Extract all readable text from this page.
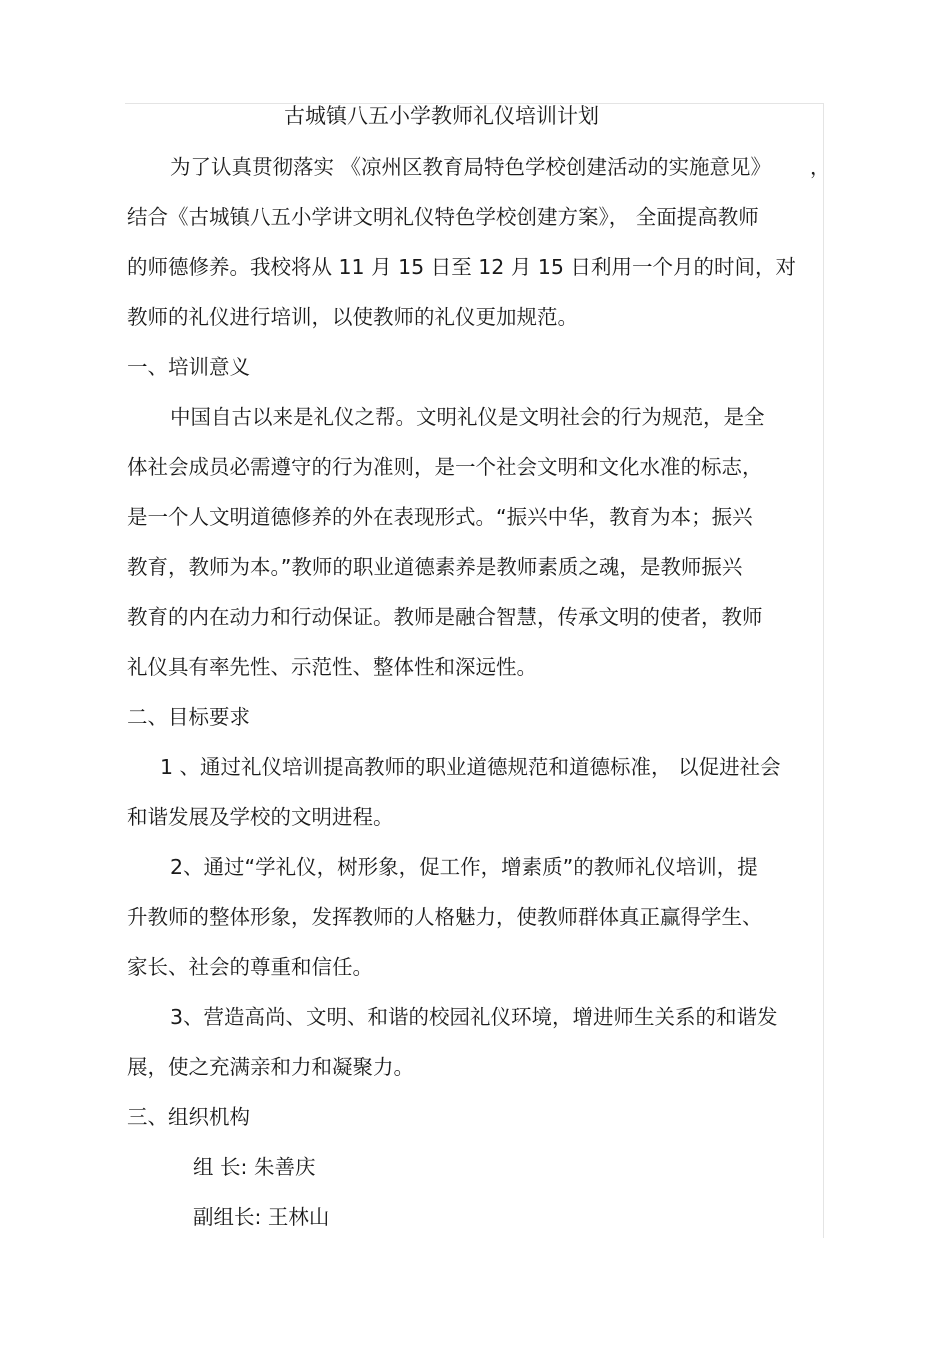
古城镇八五小学教师礼仪培训计划
为了认真贯彻落实 《凉州区教育局特色学校创建活动的实施意见》 ，
结合《古城镇八五小学讲文明礼仪特色学校创建方案》， 全面提高教师
的师德修养。我校将从 11 月 15 日至 12 月 15 日利用一个月的时间，对
教师的礼仪进行培训，以使教师的礼仪更加规范。
一、培训意义
中国自古以来是礼仪之帮。文明礼仪是文明社会的行为规范，是全
体社会成员必需遵守的行为准则，是一个社会文明和文化水准的标志，
是一个人文明道德修养的外在表现形式。“振兴中华，教育为本；振兴
教育，教师为本。”教师的职业道德素养是教师素质之魂，是教师振兴
教育的内在动力和行动保证。教师是融合智慧，传承文明的使者，教师
礼仪具有率先性、示范性、整体性和深远性。
二、目标要求
1 、通过礼仪培训提高教师的职业道德规范和道德标准， 以促进社会
和谐发展及学校的文明进程。
2、通过“学礼仪，树形象，促工作，增素质”的教师礼仪培训，提
升教师的整体形象，发挥教师的人格魅力，使教师群体真正赢得学生、
家长、社会的尊重和信任。
3、营造高尚、文明、和谐的校园礼仪环境，增进师生关系的和谐发
展，使之充满亲和力和凝聚力。
三、组织机构
组 长: 朱善庆
副组长: 王林山
